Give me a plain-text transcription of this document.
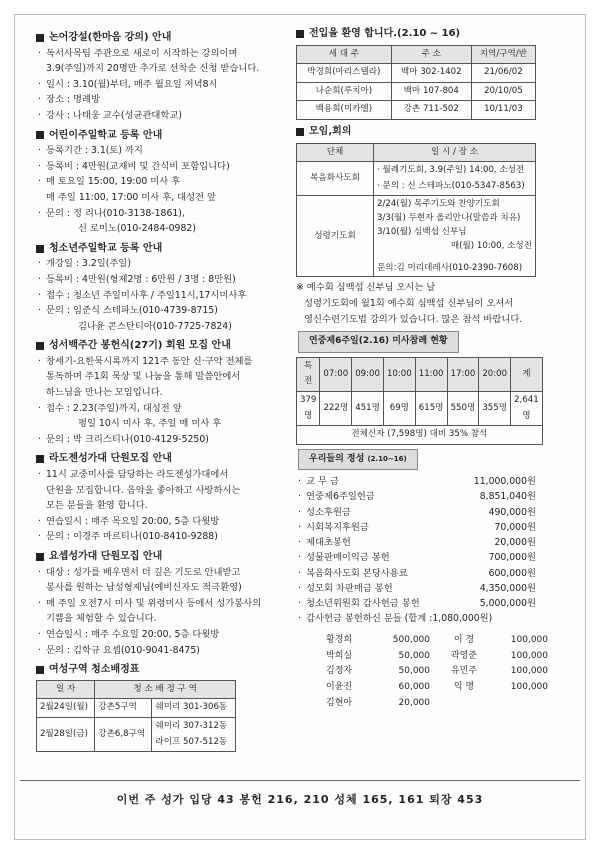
논어강설(한마음 강의) 안내
· 독서사목팀 주관으로 새로이 시작하는 강의이며
3.9(주일)까지 20명만 추가로 선착순 신청 받습니다.
· 일시 : 3.10(월)부터, 매주 월요일 저녁8시
· 장소 : 명례방
· 강사 : 나태웅 교수(성균관대학교)
어린이주일학교 등록 안내
· 등록기간 : 3.1(토) 까지
· 등록비 : 4만원(교재비 및 간식비 포함입니다)
· 매 토요일 15:00, 19:00 미사 후
매 주일 11:00, 17:00 미사 후, 대성전 앞
· 문의 : 정 리나(010-3138-1861),
신 로미노(010-2484-0982)
청소년주일학교 등록 안내
· 개강일 : 3.2일(주일)
· 등록비 : 4만원(형제2명 : 6만원 / 3명 : 8만원)
· 접수 : 청소년 주일미사후 / 주일11시,17시미사후
· 문의 : 임준식 스테파노(010-4739-8715)
김나윤 콘스탄티아(010-7725-7824)
성서백주간 봉헌식(27기) 회원 모집 안내
· 창세기-요한묵시록까지 121주 동안 신·구약 전체를
통독하며 주1회 묵상 및 나눔을 통해 말씀안에서
하느님을 만나는 모임입니다.
· 접수 : 2.23(주일)까지, 대성전 앞
평일 10시 미사 후, 주일 매 미사 후
· 문의 : 박 크리스티나(010-4129-5250)
라도젠성가대 단원모집 안내
· 11시 교중미사를 담당하는 라도젠성가대에서
단원을 모집합니다. 음악을 좋아하고 사랑하시는
모든 분들을 환영 합니다.
· 연습일시 : 매주 목요일 20:00, 5층 다윗방
· 문의 : 이경주 마르티나(010-8410-9288)
요셉성가대 단원모집 안내
· 대상 : 성가를 배우면서 더 깊은 기도로 안내받고
봉사를 원하는 남성형제님(예비신자도 적극환영)
· 매 주일 오전7시 미사 및 위령미사 등에서 성가봉사의
기쁨을 체험할 수 있습니다.
· 연습일시 : 매주 수요일 20:00, 5층 다윗방
· 문의 : 김학규 요셉(010-9041-8475)
여성구역 청소배정표
일 자	청 소 배 정 구 역	
2월24일(월)	강촌5구역	쉐미리 301-306동
2월28일(금)	강촌6,8구역	쉐미리 307-312동
라이프 507-512동
전입을 환영 합니다.(2.10 ~ 16)
세 대 주	주 소	지역/구역/반
박경희(마리스텔라)	백마 302-1402	21/06/02
나순희(루치아)	백마 107-804	20/10/05
백용희(미카엘)	강촌 711-502	10/11/03
모임,회의
단체	일 시 / 장 소
복음화사도회	· 월례기도회, 3.9(주일) 14:00, 소성전
· 문의 : 신 스테파노(010-5347-8563)

성령기도회	2/24(월) 목주기도와 찬양기도회
3/3(월) 두현자 올리안나(말씀과 치유)
3/10(월) 심백섭 신부님
매(월) 10:00, 소성전
문의:김 미리데레사(010-2390-7608)
※ 예수회 심백섭 신부님 오시는 날
성령기도회에 월1회 예수회 심백섭 신부님이 오셔서
영신수련기도법 강의가 있습니다. 많은 참석 바랍니다.
연중제6주일(2.16) 미사참례 현황
특전	07:00	09:00	10:00	11:00	17:00	20:00	계
379명	222명	451명	69명	615명	550명	355명	2,641명
전체신자 (7,598명) 대비 35% 참석							
우리들의 정성 (2.10~16)
· 교 무 금	11,000,000원
· 연중제6주일헌금	8,851,040원
· 성소후원금	490,000원
· 시회복지후원금	70,000원
· 제대초봉헌	20,000원
· 성물판매이익금 봉헌	700,000원
· 복음화사도회 본당사용료	600,000원
· 성모회 차판매금 봉헌	4,350,000원
· 청소년위원회 감사헌금 봉헌	5,000,000원
· 감사헌금 봉헌하신 분들 (합계 :1,080,000원)
황경희	500,000	이 경	100,000
박희실	50,000	곽영준	100,000
김정자	50,000	유민주	100,000
이윤진	60,000	익 명	100,000
김현아	20,000
이번 주 성가 입당 43 봉헌 216, 210 성체 165, 161 퇴장 453
